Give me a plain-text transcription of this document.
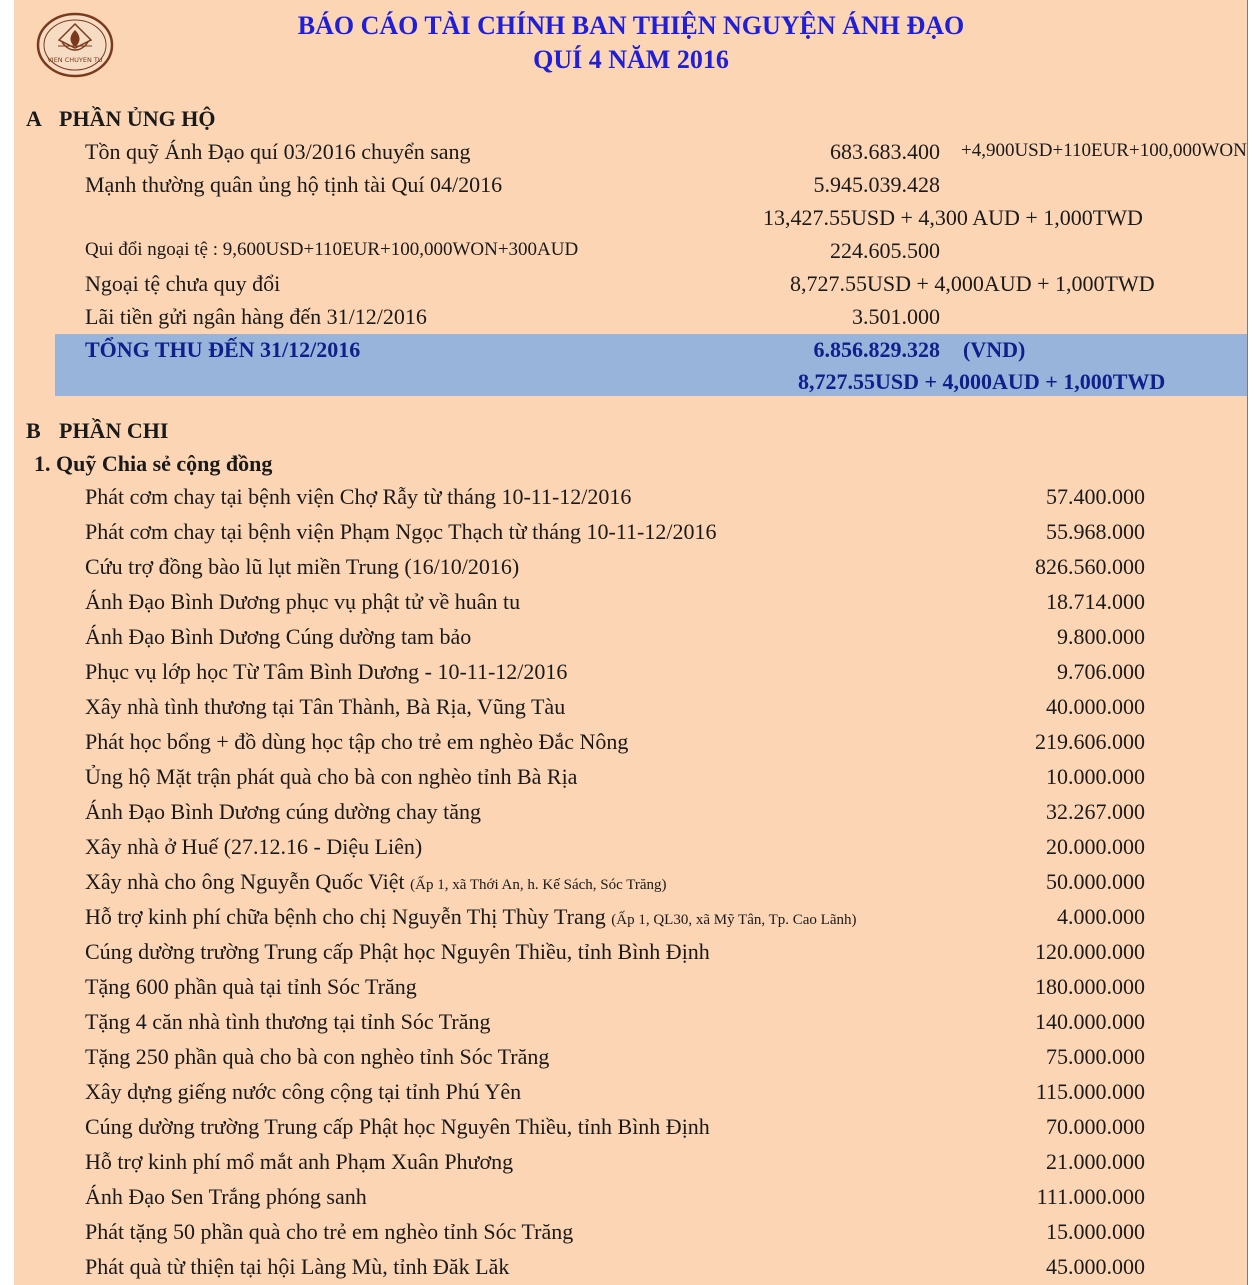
VIEN CHUYEN TU
BÁO CÁO TÀI CHÍNH BAN THIỆN NGUYỆN ÁNH ĐẠO
QUÍ 4 NĂM 2016
A PHẦN ỦNG HỘ
Tồn quỹ Ánh Đạo quí 03/2016 chuyển sang	683.683.400 +4,900USD+110EUR+100,000WON
Mạnh thường quân ủng hộ tịnh tài Quí 04/2016	5.945.039.428
13,427.55USD + 4,300 AUD + 1,000TWD
Qui đổi ngoại tệ : 9,600USD+110EUR+100,000WON+300AUD	224.605.500
Ngoại tệ chưa quy đổi	8,727.55USD + 4,000AUD + 1,000TWD
Lãi tiền gửi ngân hàng đến 31/12/2016	3.501.000
TỔNG THU ĐẾN 31/12/2016	6.856.829.328 (VND)
8,727.55USD + 4,000AUD + 1,000TWD
B PHẦN CHI
1. Quỹ Chia sẻ cộng đồng
Phát cơm chay tại bệnh viện Chợ Rẫy từ tháng 10-11-12/2016	57.400.000
Phát cơm chay tại bệnh viện Phạm Ngọc Thạch từ tháng 10-11-12/2016	55.968.000
Cứu trợ đồng bào lũ lụt miền Trung (16/10/2016)	826.560.000
Ánh Đạo Bình Dương phục vụ phật tử về huân tu	18.714.000
Ánh Đạo Bình Dương Cúng dường tam bảo	9.800.000
Phục vụ lớp học Từ Tâm Bình Dương - 10-11-12/2016	9.706.000
Xây nhà tình thương tại Tân Thành, Bà Rịa, Vũng Tàu	40.000.000
Phát học bổng + đồ dùng học tập cho trẻ em nghèo Đắc Nông	219.606.000
Ủng hộ Mặt trận phát quà cho bà con nghèo tỉnh Bà Rịa	10.000.000
Ánh Đạo Bình Dương cúng dường chay tăng	32.267.000
Xây nhà ở Huế (27.12.16 - Diệu Liên)	20.000.000
Xây nhà cho ông Nguyễn Quốc Việt (Ấp 1, xã Thới An, h. Kế Sách, Sóc Trăng)	50.000.000
Hỗ trợ kinh phí chữa bệnh cho chị Nguyễn Thị Thùy Trang (Ấp 1, QL30, xã Mỹ Tân, Tp. Cao Lãnh)	4.000.000
Cúng dường trường Trung cấp Phật học Nguyên Thiều, tỉnh Bình Định	120.000.000
Tặng 600 phần quà tại tỉnh Sóc Trăng	180.000.000
Tặng 4 căn nhà tình thương tại tỉnh Sóc Trăng	140.000.000
Tặng 250 phần quà cho bà con nghèo tỉnh Sóc Trăng	75.000.000
Xây dựng giếng nước công cộng tại tỉnh Phú Yên	115.000.000
Cúng dường trường Trung cấp Phật học Nguyên Thiều, tỉnh Bình Định	70.000.000
Hỗ trợ kinh phí mổ mắt anh Phạm Xuân Phương	21.000.000
Ánh Đạo Sen Trắng phóng sanh	111.000.000
Phát tặng 50 phần quà cho trẻ em nghèo tỉnh Sóc Trăng	15.000.000
Phát quà từ thiện tại hội Làng Mù, tỉnh Đăk Lăk	45.000.000
